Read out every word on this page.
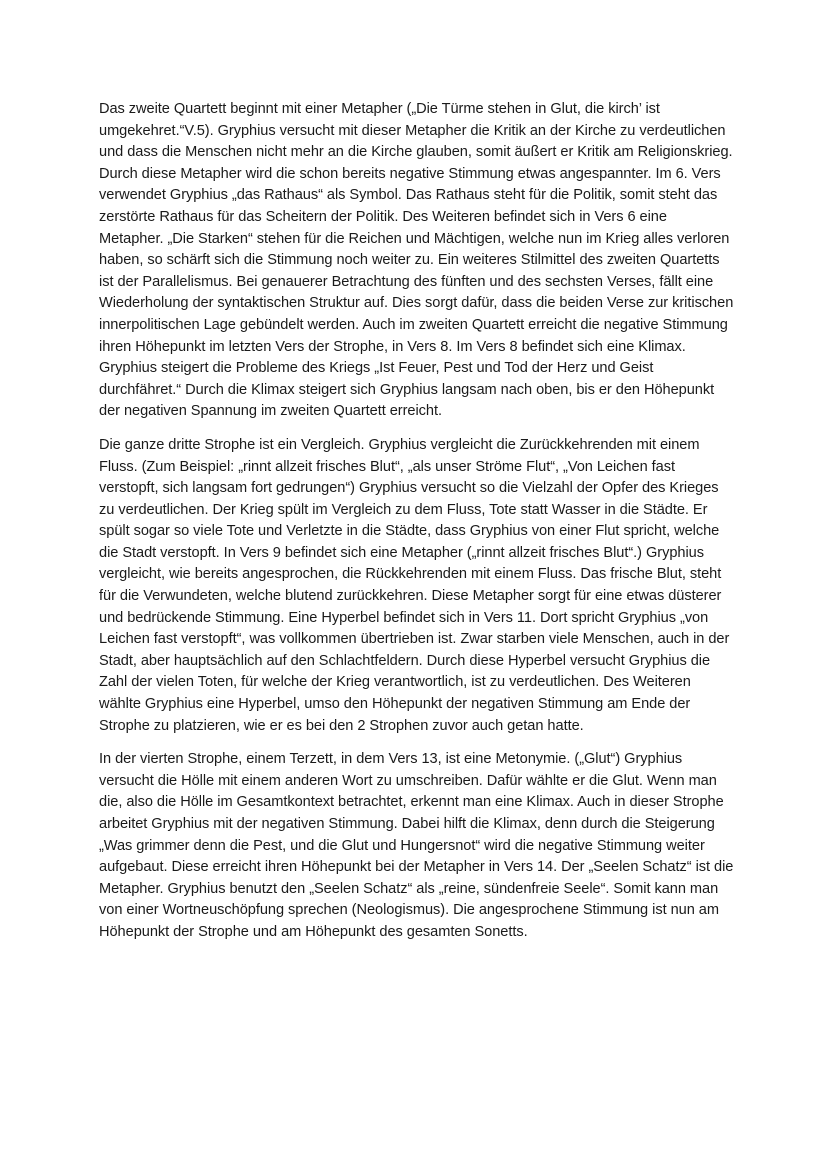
Das zweite Quartett beginnt mit einer Metapher („Die Türme stehen in Glut, die kirch’ ist umgekehret.“V.5). Gryphius versucht mit dieser Metapher die Kritik an der Kirche zu verdeutlichen und dass die Menschen nicht mehr an die Kirche glauben, somit äußert er Kritik am Religionskrieg. Durch diese Metapher wird die schon bereits negative Stimmung etwas angespannter. Im 6. Vers verwendet Gryphius „das Rathaus“ als Symbol. Das Rathaus steht für die Politik, somit steht das zerstörte Rathaus für das Scheitern der Politik. Des Weiteren befindet sich in Vers 6 eine Metapher. „Die Starken“ stehen für die Reichen und Mächtigen, welche nun im Krieg alles verloren haben, so schärft sich die Stimmung noch weiter zu. Ein weiteres Stilmittel des zweiten Quartetts ist der Parallelismus. Bei genauerer Betrachtung des fünften und des sechsten Verses, fällt eine Wiederholung der syntaktischen Struktur auf. Dies sorgt dafür, dass die beiden Verse zur kritischen innerpolitischen Lage gebündelt werden. Auch im zweiten Quartett erreicht die negative Stimmung ihren Höhepunkt im letzten Vers der Strophe, in Vers 8. Im Vers 8 befindet sich eine Klimax. Gryphius steigert die Probleme des Kriegs „Ist Feuer, Pest und Tod der Herz und Geist durchfähret.“ Durch die Klimax steigert sich Gryphius langsam nach oben, bis er den Höhepunkt der negativen Spannung im zweiten Quartett erreicht.

Die ganze dritte Strophe ist ein Vergleich. Gryphius vergleicht die Zurückkehrenden mit einem Fluss. (Zum Beispiel: „rinnt allzeit frisches Blut“, „als unser Ströme Flut“, „Von Leichen fast verstopft, sich langsam fort gedrungen“) Gryphius versucht so die Vielzahl der Opfer des Krieges zu verdeutlichen. Der Krieg spült im Vergleich zu dem Fluss, Tote statt Wasser in die Städte. Er spült sogar so viele Tote und Verletzte in die Städte, dass Gryphius von einer Flut spricht, welche die Stadt verstopft. In Vers 9 befindet sich eine Metapher („rinnt allzeit frisches Blut“.) Gryphius vergleicht, wie bereits angesprochen, die Rückkehrenden mit einem Fluss. Das frische Blut, steht für die Verwundeten, welche blutend zurückkehren. Diese Metapher sorgt für eine etwas düsterer und bedrückende Stimmung. Eine Hyperbel befindet sich in Vers 11. Dort spricht Gryphius „von Leichen fast verstopft“, was vollkommen übertrieben ist. Zwar starben viele Menschen, auch in der Stadt, aber hauptsächlich auf den Schlachtfeldern. Durch diese Hyperbel versucht Gryphius die Zahl der vielen Toten, für welche der Krieg verantwortlich, ist zu verdeutlichen. Des Weiteren wählte Gryphius eine Hyperbel, umso den Höhepunkt der negativen Stimmung am Ende der Strophe zu platzieren, wie er es bei den 2 Strophen zuvor auch getan hatte.

In der vierten Strophe, einem Terzett, in dem Vers 13, ist eine Metonymie. („Glut“) Gryphius versucht die Hölle mit einem anderen Wort zu umschreiben. Dafür wählte er die Glut. Wenn man die, also die Hölle im Gesamtkontext betrachtet, erkennt man eine Klimax. Auch in dieser Strophe arbeitet Gryphius mit der negativen Stimmung. Dabei hilft die Klimax, denn durch die Steigerung „Was grimmer denn die Pest, und die Glut und Hungersnot“ wird die negative Stimmung weiter aufgebaut. Diese erreicht ihren Höhepunkt bei der Metapher in Vers 14. Der „Seelen Schatz“ ist die Metapher. Gryphius benutzt den „Seelen Schatz“ als „reine, sündenfreie Seele“. Somit kann man von einer Wortneuschöpfung sprechen (Neologismus). Die angesprochene Stimmung ist nun am Höhepunkt der Strophe und am Höhepunkt des gesamten Sonetts.
